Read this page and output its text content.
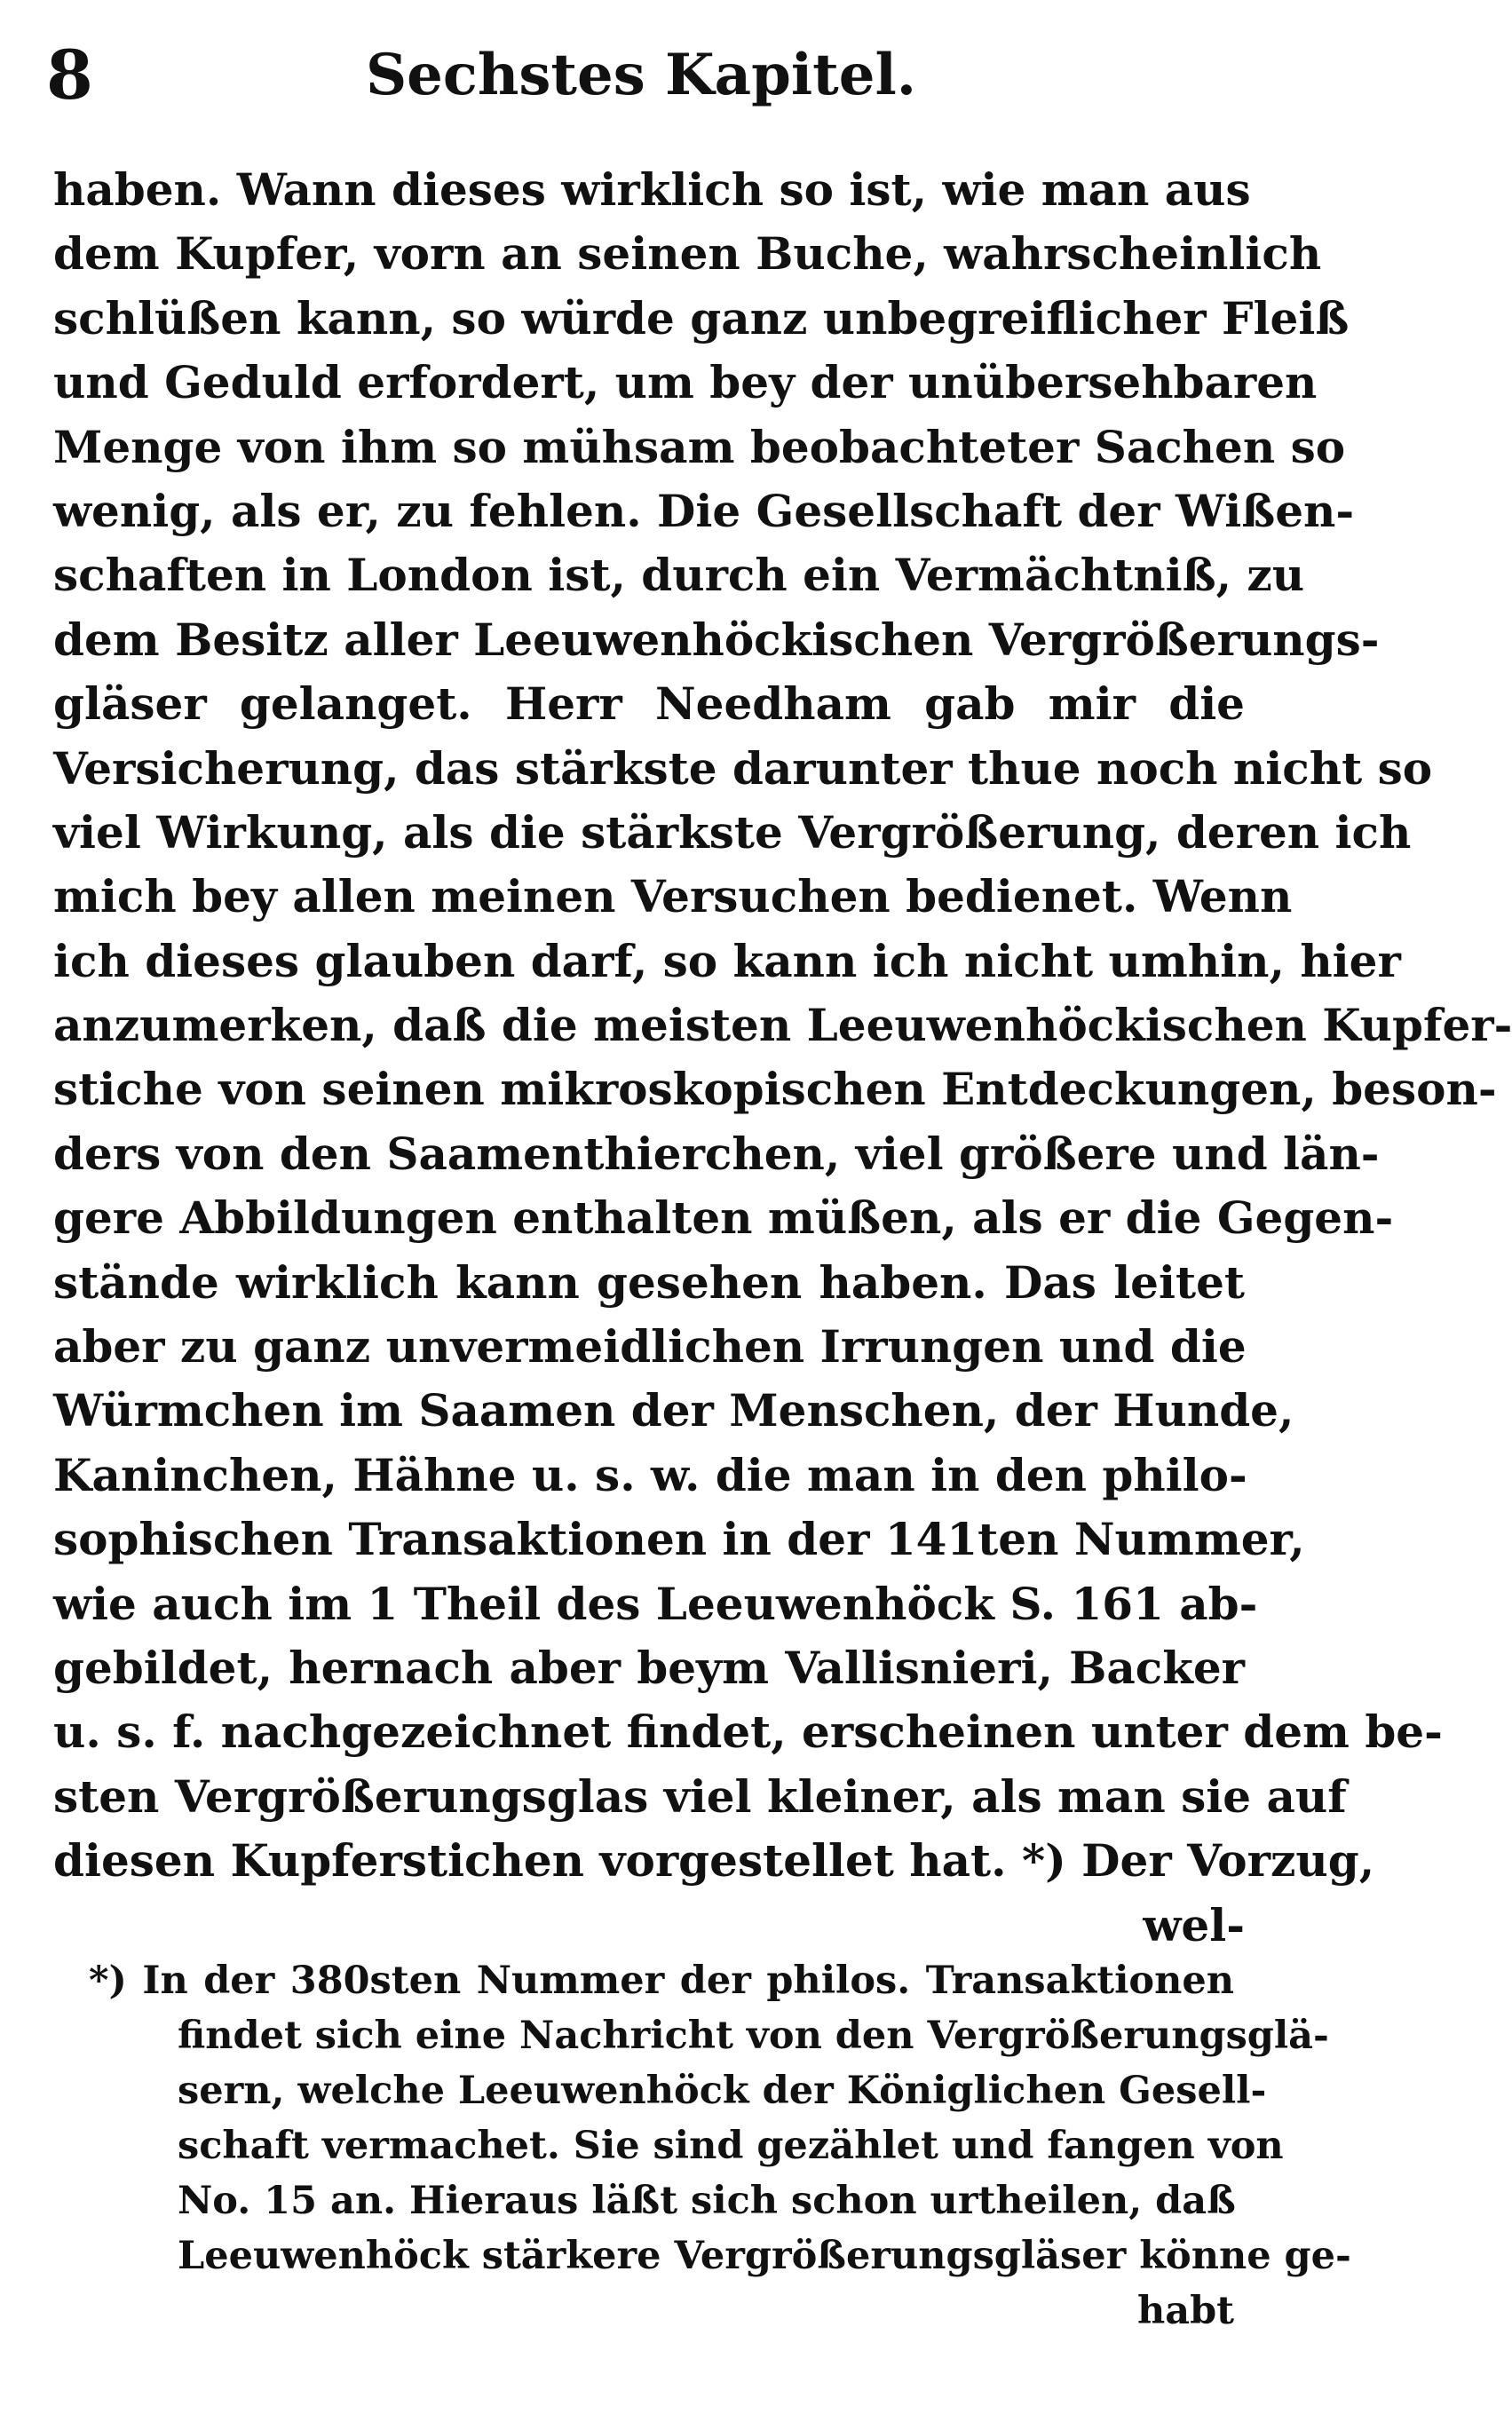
8	Sechstes Kapitel.
haben. Wann dieses wirklich so ist, wie man aus
dem Kupfer, vorn an seinen Buche, wahrscheinlich
schlüßen kann, so würde ganz unbegreiflicher Fleiß
und Geduld erfordert, um bey der unübersehbaren
Menge von ihm so mühsam beobachteter Sachen so
wenig, als er, zu fehlen. Die Gesellschaft der Wißen-
schaften in London ist, durch ein Vermächtniß, zu
dem Besitz aller Leeuwenhöckischen Vergrößerungs-
gläser gelanget. Herr Needham gab mir die
Versicherung, das stärkste darunter thue noch nicht so
viel Wirkung, als die stärkste Vergrößerung, deren ich
mich bey allen meinen Versuchen bedienet. Wenn
ich dieses glauben darf, so kann ich nicht umhin, hier
anzumerken, daß die meisten Leeuwenhöckischen Kupfer-
stiche von seinen mikroskopischen Entdeckungen, beson-
ders von den Saamenthierchen, viel größere und län-
gere Abbildungen enthalten müßen, als er die Gegen-
stände wirklich kann gesehen haben. Das leitet
aber zu ganz unvermeidlichen Irrungen und die
Würmchen im Saamen der Menschen, der Hunde,
Kaninchen, Hähne u. s. w. die man in den philo-
sophischen Transaktionen in der 141ten Nummer,
wie auch im 1 Theil des Leeuwenhöck S. 161 ab-
gebildet, hernach aber beym Vallisnieri, Backer
u. s. f. nachgezeichnet findet, erscheinen unter dem be-
sten Vergrößerungsglas viel kleiner, als man sie auf
diesen Kupferstichen vorgestellet hat. *) Der Vorzug,
wel-
*) In der 380sten Nummer der philos. Transaktionen
findet sich eine Nachricht von den Vergrößerungsglä-
sern, welche Leeuwenhöck der Königlichen Gesell-
schaft vermachet. Sie sind gezählet und fangen von
No. 15 an. Hieraus läßt sich schon urtheilen, daß
Leeuwenhöck stärkere Vergrößerungsgläser könne ge-
habt
